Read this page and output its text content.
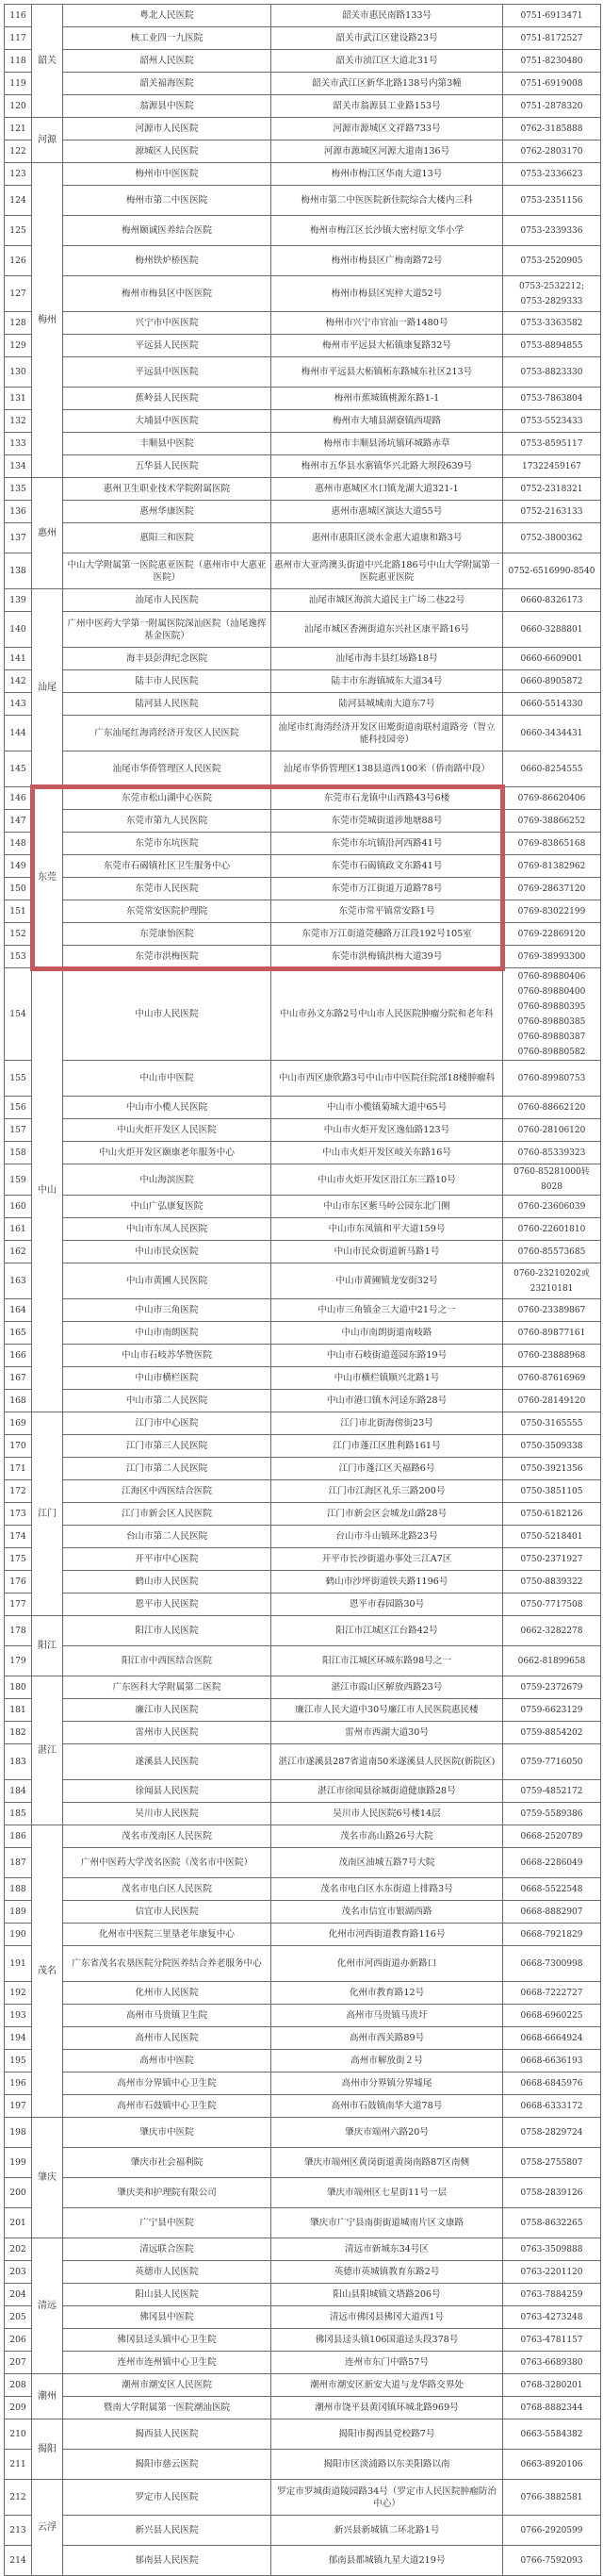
116	韶关	粤北人民医院	韶关市惠民南路133号	0751-6913471

117		核工业四一九医院	韶关市武江区建设路23号	0751-8172527

118		韶州人民医院	韶关市浈江区大道北31号	0751-8230480

119		韶关福海医院	韶关市武江区新华北路138号内第3幢	0751-6919008

120		翁源县中医院	韶关市翁源县工业路153号	0751-2878320

121	河源	河源市人民医院	河源市源城区文祥路733号	0762-3185888

122		源城区人民医院	河源市源城区河源大道南136号	0762-2803170

123	梅州	梅州市中医医院	梅州市梅江区华南大道13号	0753-2336623

124		梅州市第二中医医院	梅州市第二中医医院新住院综合大楼内三科	0753-2351156

125		梅州颐诚医养结合医院	梅州市梅江区长沙镇大密村原文华小学	0753-2339336

126		梅州铁炉桥医院	梅州市梅县区广梅南路72号	0753-2520905

127		梅州市梅县区中医医院	梅州市梅县区宪梓大道52号	0753-2532212;
0753-2829333

128		兴宁市中医医院	梅州市兴宁市官汕一路1480号	0753-3363582

129		平远县人民医院	梅州市平远县大柘镇康复路32号	0753-8894855

130		平远县中医医院	梅州市平远县大柘镇柘东路城东社区213号	0753-8823330

131		蕉岭县人民医院	梅州市蕉城镇桃源东路1-1	0753-7863804

132		大埔县中医医院	梅州市大埔县湖寮镇西堤路	0753-5523433

133		丰顺县中医院	梅州市丰顺县汤坑镇环城路赤草	0753-8595117

134		五华县人民医院	梅州市五华县水寨镇华兴北路大坝段639号	17322459167

135	惠州	惠州卫生职业技术学院附属医院	惠州市惠城区水口镇龙湖大道321-1	0752-2318321

136		惠州华康医院	惠州市惠城区演达大道55号	0752-2163133

137		惠阳三和医院	惠州市惠阳区淡水金惠大道康和路3号	0752-3800362

138		中山大学附属第一医院惠亚医院（惠州市中大惠亚医院）	惠州市大亚湾澳头街道中兴北路186号中山大学附属第一医院惠亚医院	0752-6516990-8540

139	汕尾	汕尾市人民医院	汕尾市城区海滨大道民主广场二巷22号	0660-8326173

140		广州中医药大学第一附属医院深汕医院（汕尾逸挥基金医院）	汕尾市城区香洲街道东兴社区康平路16号	0660-3288801

141		海丰县彭湃纪念医院	汕尾市海丰县红场路18号	0660-6609001

142		陆丰市人民医院	陆丰市东海镇城东大道34号	0660-8905872

143		陆河县人民医院	陆河县城城南大道东7号	0660-5514330

144		广东汕尾红海湾经济开发区人民医院	汕尾市红海湾经济开发区田墘街道南联村道路旁（智立能科技园旁）	0660-3434431

145		汕尾市华侨管理区人民医院	汕尾市华侨管理区138县道西100米（侨南路中段）	0660-8254555

146	东莞	东莞市松山湖中心医院	东莞市石龙镇中山西路43号6楼	0769-86620406

147		东莞市第九人民医院	东莞市莞城街道涉地塘88号	0769-38866252

148		东莞市东坑医院	东莞市东坑镇沿河西路41号	0769-83865168

149		东莞市石碣镇社区卫生服务中心	东莞市石碣镇政文东路41号	0769-81382962

150		东莞市人民医院	东莞市万江街道万道路78号	0769-28637120

151		东莞常安医院护理院	东莞市常平镇常安路1号	0769-83022199

152		东莞康怡医院	东莞市万江街道莞穗路万江段192号105室	0769-22869120

153		东莞市洪梅医院	东莞市洪梅镇洪梅大道39号	0769-38993300

154	中山	中山市人民医院	中山市孙文东路2号中山市人民医院肿瘤分院和老年科	
0760-89880406
0760-89880400
0760-89880395
0760-89880385
0760-89880387
0760-89880582

155		中山市中医院	中山市西区康欣路3号中山市中医院住院部18楼肿瘤科	0760-89980753

156		中山市小榄人民医院	中山市小榄镇菊城大道中65号	0760-88662120

157		中山火炬开发区人民医院	中山市火炬开发区逸仙路123号	0760-28106120

158		中山火炬开发区颐康老年服务中心	中山市火炬开发区岐关东路16号	0760-85339323

159		中山海滨医院	中山市火炬开发区沿江东三路10号	0760-85281000转8028

160		中山广弘康复医院	中山市东区紫马岭公园东北门侧	0760-23606039

161		中山市东凤人民医院	中山市东凤镇和平大道159号	0760-22601810

162		中山市民众医院	中山市民众街道新马路1号	0760-85573685

163		中山市黄圃人民医院	中山市黄圃镇龙安街32号	0760-23210202或
23210181

164		中山市三角医院	中山市三角镇金三大道中21号之一	0760-23389867

165		中山市南朗医院	中山市南朗街道南岐路	0760-89877161

166		中山市石岐苏华赞医院	中山市石岐街道莲园东路19号	0760-23888968

167		中山市横栏医院	中山市横栏镇顺兴北路1号	0760-87616969

168		中山市第二人民医院	中山市港口镇木河迳东路28号	0760-28149120

169	江门	江门市中心医院	江门市北街海傍街23号	0750-3165555

170		江门市第三人民医院	江门市蓬江区胜利路161号	0750-3509338

171		江门市第二人民医院	江门市蓬江区天福路6号	0750-3921356

172		江海区中西医结合医院	江门市江海区礼乐三路200号	0750-3851105

173		江门市新会区人民医院	江门市新会区会城龙山路28号	0750-6182126

174		台山市第二人民医院	台山市斗山镇环北路23号	0750-5218401

175		开平市中心医院	开平市长沙街道办事处三江A7区	0750-2371927

176		鹤山市人民医院	鹤山市沙坪街道铁夫路1196号	0750-8839322

177		恩平市人民医院	恩平市春园路30号	0750-7717508

178	阳江	阳江市人民医院	阳江市江城区江台路42号	0662-3282278

179		阳江市中西医结合医院	阳江市江城区环城东路98号之一	0662-81899658

180	湛江	广东医科大学附属第二医院	湛江市霞山区解放西路23号	0759-2372679

181		廉江市人民医院	廉江市人民大道中30号廉江市人民医院惠民楼	0759-6623129

182		雷州市人民医院	雷州市西湖大道30号	0759-8854202

183		遂溪县人民医院	湛江市遂溪县287省道南50米遂溪县人民医院(新院区)	0759-7716050

184		徐闻县人民医院	湛江市徐闻县徐城街道健康路28号	0759-4852172

185		吴川市人民医院	吴川市人民医院6号楼14层	0759-5589386

186	茂名	茂名市茂南区人民医院	茂名市高山路26号大院	0668-2520789

187		广州中医药大学茂名医院（茂名市中医院）	茂南区油城五路7号大院	0668-2286049

188		茂名市电白区人民医院	茂名市电白区水东街道上排路3号	0668-5522548

189		信宜市人民医院	茂名市信宜市银湖西路	0668-8882907

190		化州市中医院三里垦老年康复中心	化州市河西街道教育路116号	0668-7921829

191		广东省茂名农垦医院分院医养结合养老服务中心	化州市河西街道办新路口	0668-7300998

192		化州市人民医院	化州市教育路12号	0668-7222727

193		高州市马贵镇卫生院	高州市马贵镇马贵圩	0668-6960225

194		高州市人民医院	高州市西关路89号	0668-6664924

195		高州市中医院	高州市解放街２号	0668-6636193

196		高州市分界镇中心卫生院	高州市分界镇分界墟尾	0668-6845976

197		高州市石鼓镇中心卫生院	高州市石鼓镇南华大道78号	0668-6333172

198	肇庆	肇庆市中医院	肇庆市端州六路20号	0758-2829724

199		肇庆市社会福利院	肇庆市端州区黄岗街道黄岗南路87区南侧	0758-2755807

200		肇庆美和护理院有限公司	肇庆市端州区七星街11号一层	0758-2839126

201		广宁县中医院	肇庆市广宁县南街街道城南片区文康路	0758-8632265

202	清远	清远联合医院	清远市新城东34号区	0763-3509888

203		英德市人民医院	英德市英城镇教育东路2号	0763-2201120

204		阳山县人民医院	阳山县阳城镇文塔路206号	0763-7884259

205		佛冈县中医院	清远市佛冈县佛冈大道西1号	0763-4273248

206		佛冈县迳头镇中心卫生院	佛冈县迳头镇106国道迳头段378号	0763-4781157

207		连州市连州镇中心卫生院	连州市东门中路57号	0763-6689380

208	潮州	潮州市潮安区人民医院	潮州市潮安区新安大道与龙华路交界处	0768-3280201

209		暨南大学附属第一医院潮汕医院	潮州市饶平县黄冈镇环城北路969号	0768-8882344

210	揭阳	揭西县人民医院	揭阳市揭西县党校路7号	0663-5584382

211		揭阳市慈云医院	揭阳市区淡浦路以东美阳路以南	0663-8920106

212	云浮	罗定市人民医院	罗定市罗城街道陵园路34号（罗定市人民医院肿瘤防治中心）	0766-3882581

213		新兴县人民医院	新兴县新城镇二环北路1号	0766-2920599

214		郁南县人民医院	郁南县都城镇九星大道219号	0766-7592093
